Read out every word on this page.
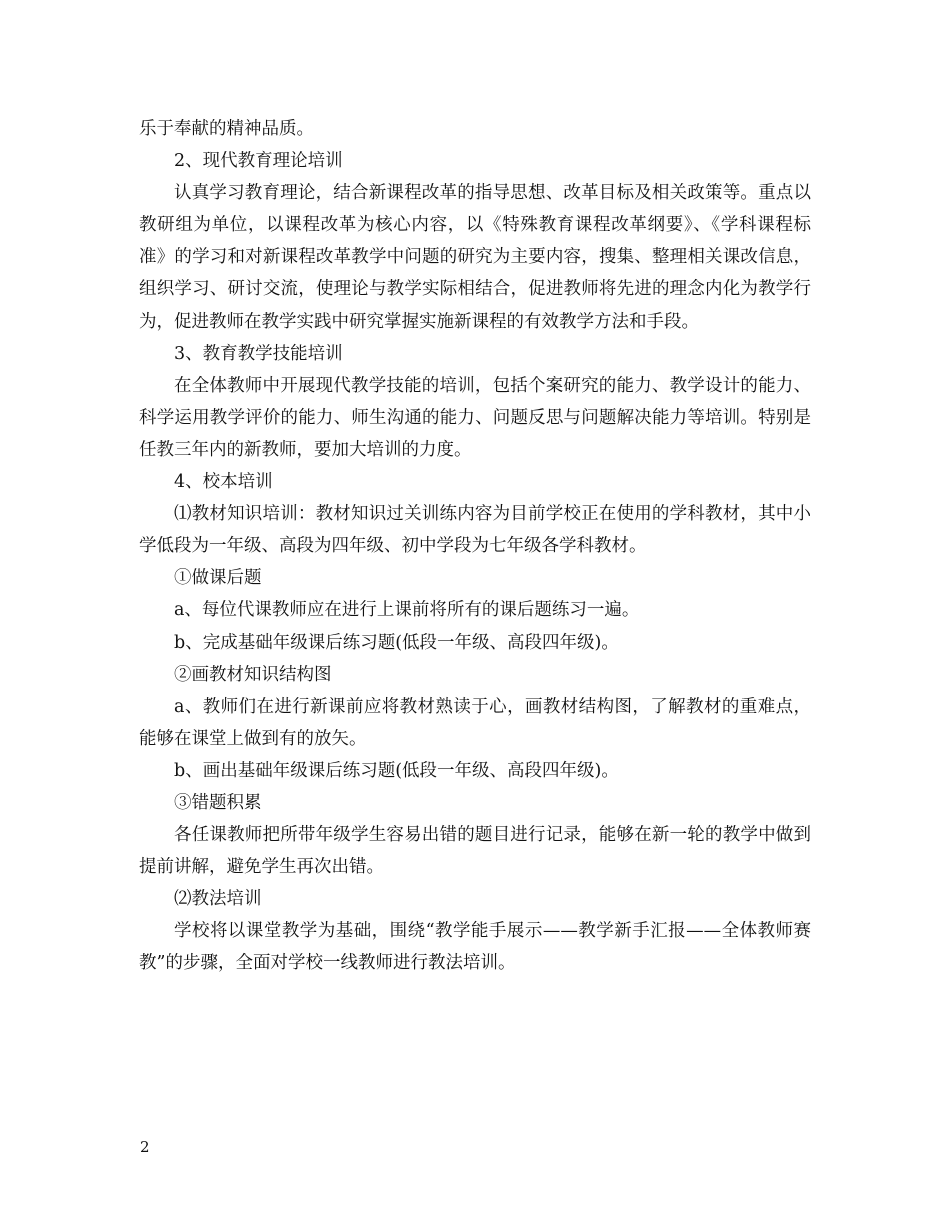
乐于奉献的精神品质。

2、现代教育理论培训

认真学习教育理论，结合新课程改革的指导思想、改革目标及相关政策等。重点以教研组为单位，以课程改革为核心内容，以《特殊教育课程改革纲要》、《学科课程标准》的学习和对新课程改革教学中问题的研究为主要内容，搜集、整理相关课改信息，组织学习、研讨交流，使理论与教学实际相结合，促进教师将先进的理念内化为教学行为，促进教师在教学实践中研究掌握实施新课程的有效教学方法和手段。

3、教育教学技能培训

在全体教师中开展现代教学技能的培训，包括个案研究的能力、教学设计的能力、科学运用教学评价的能力、师生沟通的能力、问题反思与问题解决能力等培训。特别是任教三年内的新教师，要加大培训的力度。

4、校本培训

⑴教材知识培训：教材知识过关训练内容为目前学校正在使用的学科教材，其中小学低段为一年级、高段为四年级、初中学段为七年级各学科教材。

①做课后题

a、每位代课教师应在进行上课前将所有的课后题练习一遍。

b、完成基础年级课后练习题(低段一年级、高段四年级)。

②画教材知识结构图

a、教师们在进行新课前应将教材熟读于心，画教材结构图，了解教材的重难点，能够在课堂上做到有的放矢。

b、画出基础年级课后练习题(低段一年级、高段四年级)。

③错题积累

各任课教师把所带年级学生容易出错的题目进行记录，能够在新一轮的教学中做到提前讲解，避免学生再次出错。

⑵教法培训

学校将以课堂教学为基础，围绕“教学能手展示——教学新手汇报——全体教师赛教”的步骤，全面对学校一线教师进行教法培训。

2
